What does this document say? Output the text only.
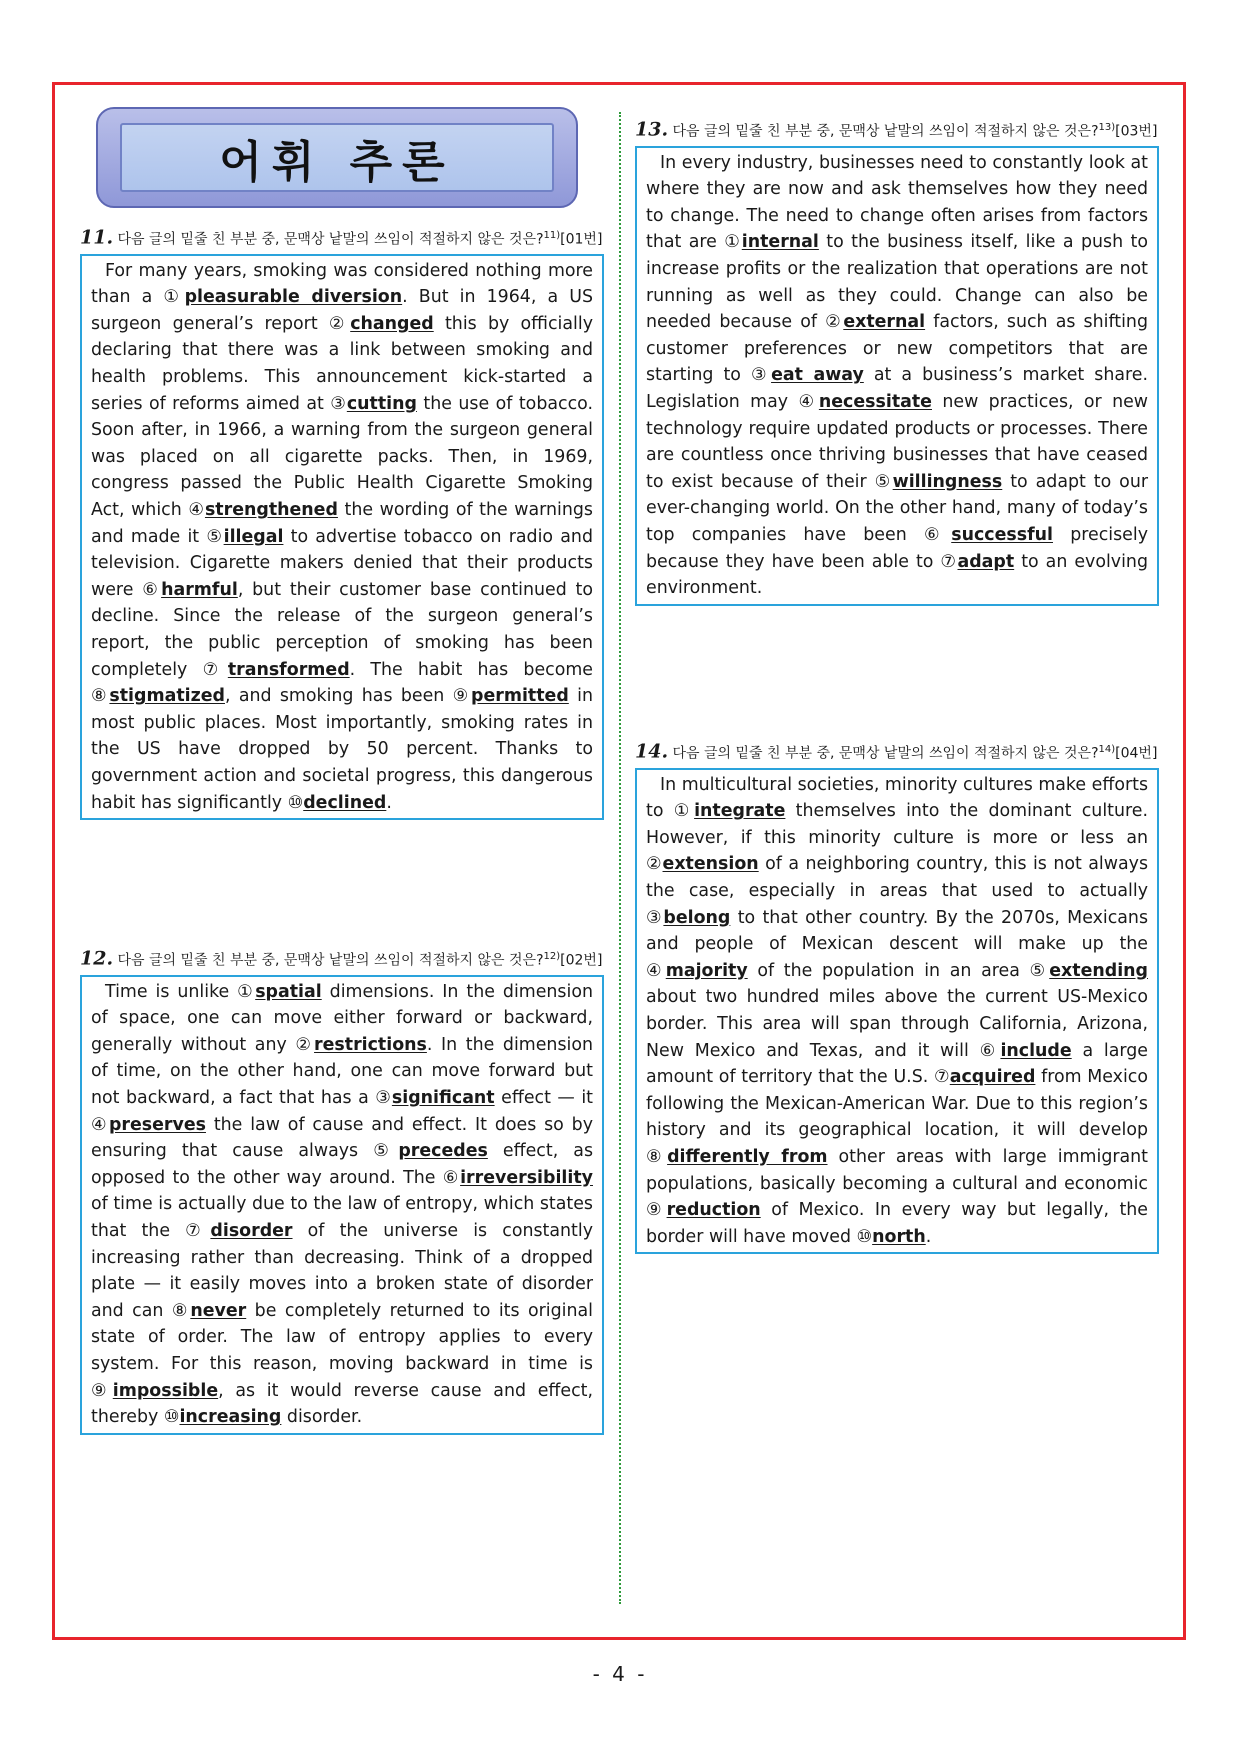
어휘 추론
11. 다음 글의 밑줄 친 부분 중, 문맥상 낱말의 쓰임이 적절하지 않은 것은?$^{11)}$[01번]
For many years, smoking was considered nothing more than a ①pleasurable diversion. But in 1964, a US surgeon general’s report ②changed this by officially declaring that there was a link between smoking and health problems. This announcement kick-started a series of reforms aimed at ③cutting the use of tobacco. Soon after, in 1966, a warning from the surgeon general was placed on all cigarette packs. Then, in 1969, congress passed the Public Health Cigarette Smoking Act, which ④strengthened the wording of the warnings and made it ⑤illegal to advertise tobacco on radio and television. Cigarette makers denied that their products were ⑥harmful, but their customer base continued to decline. Since the release of the surgeon general’s report, the public perception of smoking has been completely ⑦transformed. The habit has become ⑧stigmatized, and smoking has been ⑨permitted in most public places. Most importantly, smoking rates in the US have dropped by 50 percent. Thanks to government action and societal progress, this dangerous habit has significantly ⑩declined.
12. 다음 글의 밑줄 친 부분 중, 문맥상 낱말의 쓰임이 적절하지 않은 것은?$^{12)}$[02번]
Time is unlike ①spatial dimensions. In the dimension of space, one can move either forward or backward, generally without any ②restrictions. In the dimension of time, on the other hand, one can move forward but not backward, a fact that has a ③significant effect — it ④preserves the law of cause and effect. It does so by ensuring that cause always ⑤precedes effect, as opposed to the other way around. The ⑥irreversibility of time is actually due to the law of entropy, which states that the ⑦disorder of the universe is constantly increasing rather than decreasing. Think of a dropped plate — it easily moves into a broken state of disorder and can ⑧never be completely returned to its original state of order. The law of entropy applies to every system. For this reason, moving backward in time is ⑨impossible, as it would reverse cause and effect, thereby ⑩increasing disorder.
13. 다음 글의 밑줄 친 부분 중, 문맥상 낱말의 쓰임이 적절하지 않은 것은?$^{13)}$[03번]
In every industry, businesses need to constantly look at where they are now and ask themselves how they need to change. The need to change often arises from factors that are ①internal to the business itself, like a push to increase profits or the realization that operations are not running as well as they could. Change can also be needed because of ②external factors, such as shifting customer preferences or new competitors that are starting to ③eat away at a business’s market share. Legislation may ④necessitate new practices, or new technology require updated products or processes. There are countless once thriving businesses that have ceased to exist because of their ⑤willingness to adapt to our ever-changing world. On the other hand, many of today’s top companies have been ⑥successful precisely because they have been able to ⑦adapt to an evolving environment.
14. 다음 글의 밑줄 친 부분 중, 문맥상 낱말의 쓰임이 적절하지 않은 것은?$^{14)}$[04번]
In multicultural societies, minority cultures make efforts to ①integrate themselves into the dominant culture. However, if this minority culture is more or less an ②extension of a neighboring country, this is not always the case, especially in areas that used to actually ③belong to that other country. By the 2070s, Mexicans and people of Mexican descent will make up the ④majority of the population in an area ⑤extending about two hundred miles above the current US-Mexico border. This area will span through California, Arizona, New Mexico and Texas, and it will ⑥include a large amount of territory that the U.S. ⑦acquired from Mexico following the Mexican-American War. Due to this region’s history and its geographical location, it will develop ⑧differently from other areas with large immigrant populations, basically becoming a cultural and economic ⑨reduction of Mexico. In every way but legally, the border will have moved ⑩north.
- 4 -
